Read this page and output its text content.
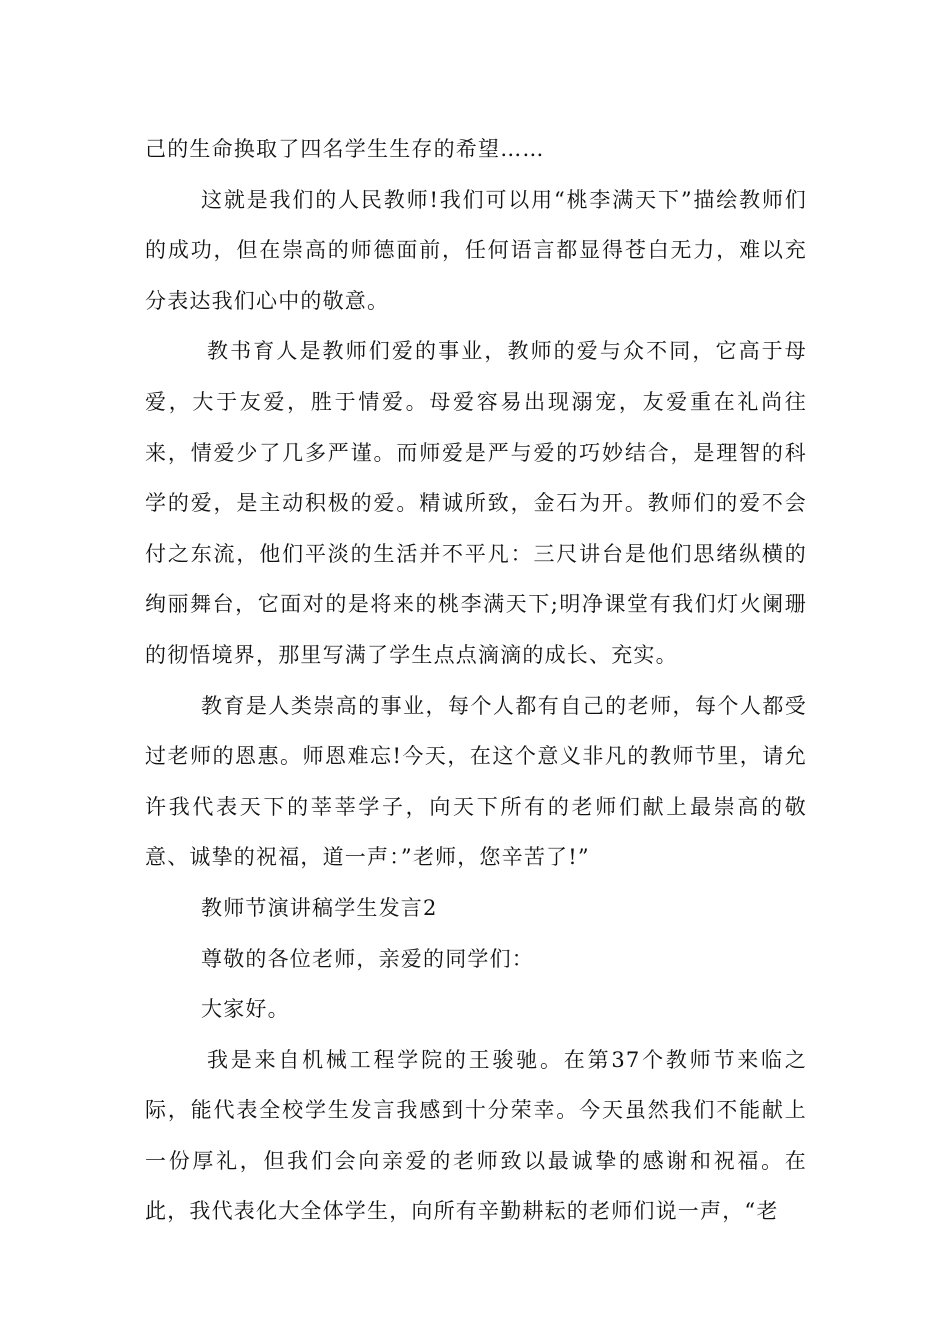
己的生命换取了四名学生生存的希望……

这就是我们的人民教师!我们可以用“桃李满天下”描绘教师们的成功，但在崇高的师德面前，任何语言都显得苍白无力，难以充分表达我们心中的敬意。

教书育人是教师们爱的事业，教师的爱与众不同，它高于母爱，大于友爱，胜于情爱。母爱容易出现溺宠，友爱重在礼尚往来，情爱少了几多严谨。而师爱是严与爱的巧妙结合，是理智的科学的爱，是主动积极的爱。精诚所致，金石为开。教师们的爱不会付之东流，他们平淡的生活并不平凡：三尺讲台是他们思绪纵横的绚丽舞台，它面对的是将来的桃李满天下;明净课堂有我们灯火阑珊的彻悟境界，那里写满了学生点点滴滴的成长、充实。

教育是人类崇高的事业，每个人都有自己的老师，每个人都受过老师的恩惠。师恩难忘!今天，在这个意义非凡的教师节里，请允许我代表天下的莘莘学子，向天下所有的老师们献上最崇高的敬意、诚挚的祝福，道一声：”老师，您辛苦了!”

教师节演讲稿学生发言2

尊敬的各位老师，亲爱的同学们：

大家好。

我是来自机械工程学院的王骏驰。在第37个教师节来临之际，能代表全校学生发言我感到十分荣幸。今天虽然我们不能献上一份厚礼，但我们会向亲爱的老师致以最诚挚的感谢和祝福。在此，我代表化大全体学生，向所有辛勤耕耘的老师们说一声，“老
